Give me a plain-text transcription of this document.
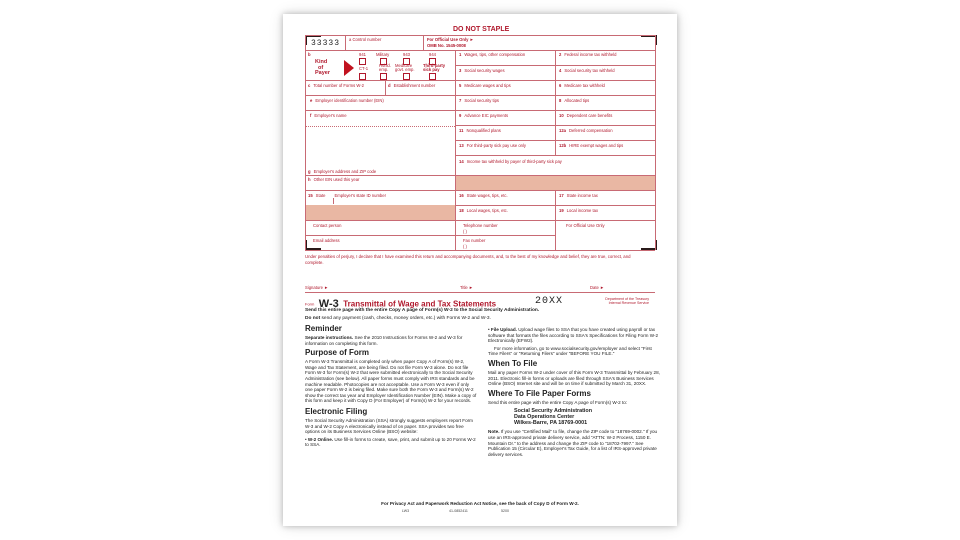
DO NOT STAPLE
33333 a Control number	For Official Use Only ►
OMB No. 1545-0008
b
Kind
of
Payer
941 Military	943	944
CT-1
Hshld.
emp.
Medicare
govt. emp.
Third-party
sick pay
c Total number of Forms W-2	d Establishment number
e Employer identification number (EIN)
f Employer's name
g Employer's address and ZIP code
h Other EIN used this year
15 State Employer's state ID number
1 Wages, tips, other compensation	2 Federal income tax withheld
3 Social security wages	4 Social security tax withheld
5 Medicare wages and tips	6 Medicare tax withheld
7 Social security tips	8 Allocated tips
9 Advance EIC payments	10 Dependent care benefits
11 Nonqualified plans	12a Deferred compensation
13 For third-party sick pay use only	12b HIRE exempt wages and tips
14 Income tax withheld by payer of third-party sick pay
16 State wages, tips, etc.	17 State income tax
18 Local wages, tips, etc.	19 Local income tax
Contact person	Telephone number
( )
For Official Use Only
Email address	Fax number
( )
Under penalties of perjury, I declare that I have examined this return and accompanying documents, and, to the best of my knowledge and belief, they are true, correct, and complete.
Signature ►	Title ►	Date ►
Form W-3 Transmittal of Wage and Tax Statements	20XX	Department of the Treasury
Internal Revenue Service
Send this entire page with the entire Copy A page of Form(s) W-2 to the Social Security Administration.
Do not send any payment (cash, checks, money orders, etc.) with Forms W-2 and W-3.
Reminder
Separate instructions. See the 2010 Instructions for Forms W-2 and W-3 for information on completing this form.
Purpose of Form
A Form W-3 Transmittal is completed only when paper Copy A of Form(s) W-2, Wage and Tax Statement, are being filed. Do not file Form W-3 alone. Do not file Form W-3 for Form(s) W-2 that were submitted electronically to the Social Security Administration (see below). All paper forms must comply with IRS standards and be machine readable. Photocopies are not acceptable. Use a Form W-3 even if only one paper Form W-2 is being filed. Make sure both the Form W-3 and Form(s) W-2 show the correct tax year and Employer Identification Number (EIN). Make a copy of this form and keep it with Copy D (For Employer) of Form(s) W-2 for your records.
Electronic Filing
The Social Security Administration (SSA) strongly suggests employers report Form W-3 and W-2 Copy A electronically instead of on paper. SSA provides two free options on its Business Services Online (BSO) website:
• W-2 Online. Use fill-in forms to create, save, print, and submit up to 20 Forms W-2 to SSA.
• File Upload. Upload wage files to SSA that you have created using payroll or tax software that formats the files according to SSA's Specifications for Filing Form W-2 Electronically (EFW2).
For more information, go to www.socialsecurity.gov/employer and select "First Time Filers" or "Returning Filers" under "BEFORE YOU FILE."
When To File
Mail any paper Forms W-2 under cover of this Form W-3 Transmittal by February 28, 2011. Electronic fill-in forms or uploads are filed through SSA's Business Services Online (BSO) Internet site and will be on time if submitted by March 31, 20XX.
Where To File Paper Forms
Send this entire page with the entire Copy A page of Form(s) W-2 to:
Social Security Administration
Data Operations Center
Wilkes-Barre, PA 18769-0001
Note. If you use "Certified Mail" to file, change the ZIP code to "18769-0002." If you use an IRS-approved private delivery service, add "ATTN: W-2 Process, 1150 E. Mountain Dr." to the address and change the ZIP code to "18702-7997." See Publication 15 (Circular E), Employer's Tax Guide, for a list of IRS-approved private delivery services.
For Privacy Act and Paperwork Reduction Act Notice, see the back of Copy D of Form W-2.
LW3	41-0852411	5200
